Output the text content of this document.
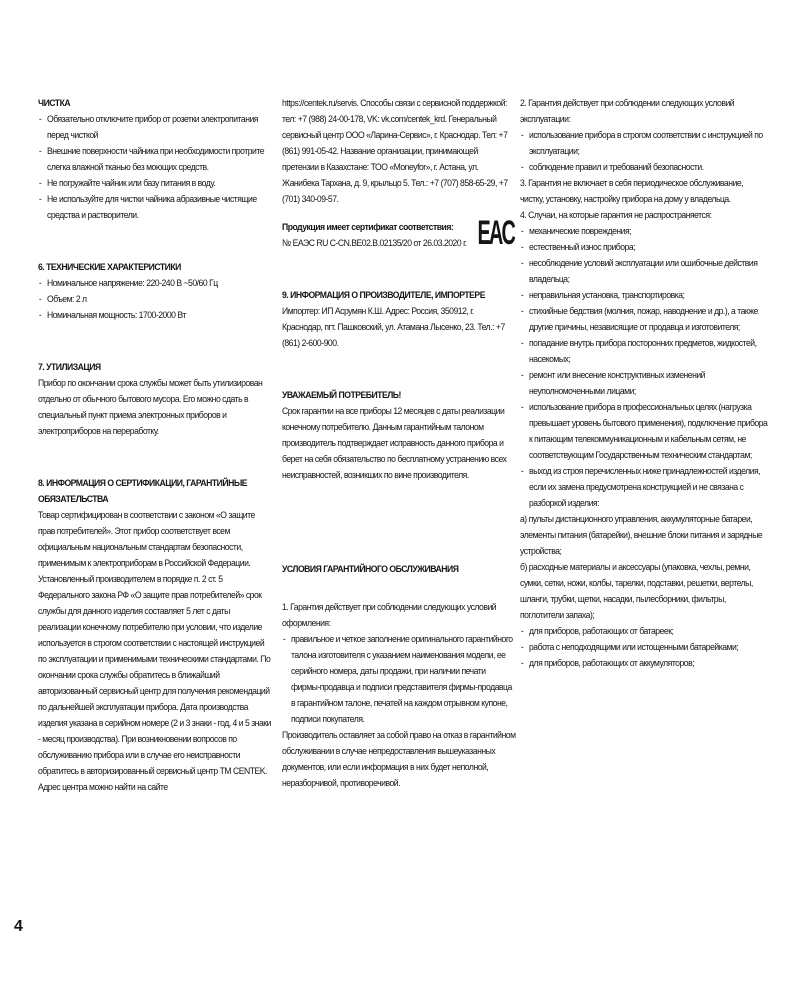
ЧИСТКА

- Обязательно отключите прибор от розетки электропитания перед чисткой
- Внешние поверхности чайника при необходимости протрите слегка влажной тканью без моющих средств.
- Не погружайте чайник или базу питания в воду.
- Не используйте для чистки чайника абразивные чистящие средства и растворители.

6. ТЕХНИЧЕСКИЕ ХАРАКТЕРИСТИКИ

- Номинальное напряжение: 220-240 В ~50/60 Гц
- Объем: 2 л
- Номинальная мощность: 1700-2000 Вт

7. УТИЛИЗАЦИЯ

Прибор по окончании срока службы может быть утилизирован отдельно от обычного бытового мусора. Его можно сдать в специальный пункт приема электронных приборов и электроприборов на переработку.

8. ИНФОРМАЦИЯ О СЕРТИФИКАЦИИ, ГАРАНТИЙНЫЕ ОБЯЗАТЕЛЬСТВА

Товар сертифицирован в соответствии с законом «О защите прав потребителей». Этот прибор соответствует всем официальным национальным стандартам безопасности, применимым к электроприборам в Российской Федерации. Установленный производителем в порядке п. 2 ст. 5 Федерального закона РФ «О защите прав потребителей» срок службы для данного изделия составляет 5 лет с даты реализации конечному потребителю при условии, что изделие используется в строгом соответствии с настоящей инструкцией по эксплуатации и применимыми техническими стандартами. По окончании срока службы обратитесь в ближайший авторизованный сервисный центр для получения рекомендаций по дальнейшей эксплуатации прибора. Дата производства изделия указана в серийном номере (2 и 3 знаки - год, 4 и 5 знаки - месяц производства). При возникновении вопросов по обслуживанию прибора или в случае его неисправности обратитесь в авторизированный сервисный центр ТМ CENTEK. Адрес центра можно найти на сайте

https://centek.ru/servis. Способы связи с сервисной поддержкой: тел: +7 (988) 24-00-178, VK: vk.com/centek_krd. Генеральный сервисный центр ООО «Ларина-Сервис», г. Краснодар. Тел: +7 (861) 991-05-42. Название организации, принимающей претензии в Казахстане: ТОО «Moneyfor», г. Астана, ул. Жанибека Тархана, д. 9, крыльцо 5. Тел.: +7 (707) 858-65-29, +7 (701) 340-09-57.

Продукция имеет сертификат соответствия:

№ ЕАЭС RU С-CN.ВЕ02.В.02135/20 от 26.03.2020 г. EAC

9. ИНФОРМАЦИЯ О ПРОИЗВОДИТЕЛЕ, ИМПОРТЕРЕ

Импортер: ИП Асрумян К.Ш. Адрес: Россия, 350912, г. Краснодар, пгт. Пашковский, ул. Атамана Лысенко, 23. Тел.: +7 (861) 2-600-900.

УВАЖАЕМЫЙ ПОТРЕБИТЕЛЬ!

Срок гарантии на все приборы 12 месяцев с даты реализации конечному потребителю. Данным гарантийным талоном производитель подтверждает исправность данного прибора и берет на себя обязательство по бесплатному устранению всех неисправностей, возникших по вине производителя.

УСЛОВИЯ ГАРАНТИЙНОГО ОБСЛУЖИВАНИЯ

1. Гарантия действует при соблюдении следующих условий оформления:

- правильное и четкое заполнение оригинального гарантийного талона изготовителя с указанием наименования модели, ее серийного номера, даты продажи, при наличии печати фирмы-продавца и подписи представителя фирмы-продавца в гарантийном талоне, печатей на каждом отрывном купоне, подписи покупателя.

Производитель оставляет за собой право на отказ в гарантийном обслуживании в случае непредоставления вышеуказанных документов, или если информация в них будет неполной, неразборчивой, противоречивой.

2. Гарантия действует при соблюдении следующих условий эксплуатации:

- использование прибора в строгом соответствии с инструкцией по эксплуатации;
- соблюдение правил и требований безопасности.

3. Гарантия не включает в себя периодическое обслуживание, чистку, установку, настройку прибора на дому у владельца.

4. Случаи, на которые гарантия не распространяется:

- механические повреждения;
- естественный износ прибора;
- несоблюдение условий эксплуатации или ошибочные действия владельца;
- неправильная установка, транспортировка;
- стихийные бедствия (молния, пожар, наводнение и др.), а также другие причины, независящие от продавца и изготовителя;
- попадание внутрь прибора посторонних предметов, жидкостей, насекомых;
- ремонт или внесение конструктивных изменений неуполномоченными лицами;
- использование прибора в профессиональных целях (нагрузка превышает уровень бытового применения), подключение прибора к питающим телекоммуникационным и кабельным сетям, не соответствующим Государственным техническим стандартам;
- выход из строя перечисленных ниже принадлежностей изделия, если их замена предусмотрена конструкцией и не связана с разборкой изделия:

а) пульты дистанционного управления, аккумуляторные батареи, элементы питания (батарейки), внешние блоки питания и зарядные устройства;

б) расходные материалы и аксессуары (упаковка, чехлы, ремни, сумки, сетки, ножи, колбы, тарелки, подставки, решетки, вертелы, шланги, трубки, щетки, насадки, пылесборники, фильтры, поглотители запаха);

- для приборов, работающих от батареек;
- работа с неподходящими или истощенными батарейками;
- для приборов, работающих от аккумуляторов;
4
